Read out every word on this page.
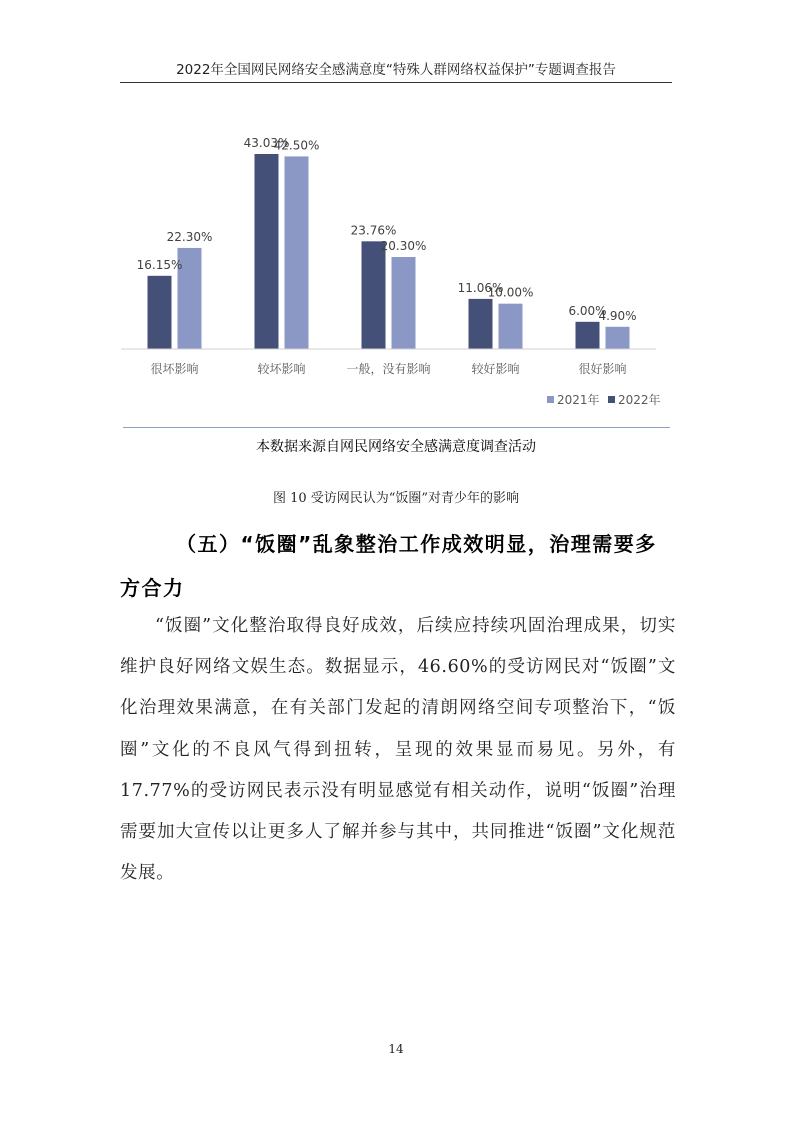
2022年全国网民网络安全感满意度“特殊人群网络权益保护”专题调查报告
16.15%
22.30%
43.03%
42.50%
23.76%
20.30%
11.06%
10.00%
6.00%
4.90%
很坏影响	较坏影响	一般，没有影响	较好影响	很好影响
2021年 2022年
本数据来源自网民网络安全感满意度调查活动
图 10 受访网民认为“饭圈”对青少年的影响
（五）“饭圈”乱象整治工作成效明显，治理需要多方合力
“饭圈”文化整治取得良好成效，后续应持续巩固治理成果，切实维护良好网络文娱生态。数据显示，46.60%的受访网民对“饭圈”文化治理效果满意，在有关部门发起的清朗网络空间专项整治下，“饭圈”文化的不良风气得到扭转，呈现的效果显而易见。另外，有17.77%的受访网民表示没有明显感觉有相关动作，说明“饭圈”治理需要加大宣传以让更多人了解并参与其中，共同推进“饭圈”文化规范发展。
14
